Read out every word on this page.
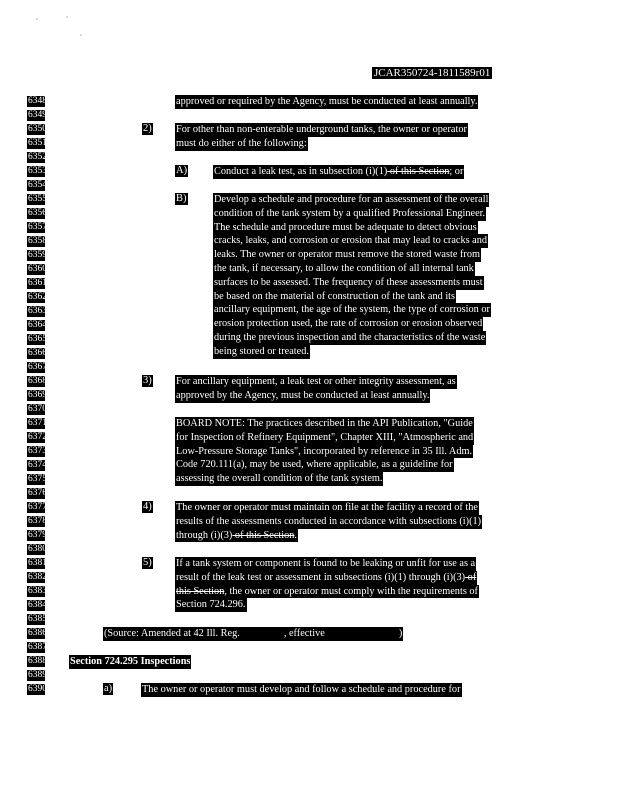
JCAR350724-1811589r01
6348
6349
6350
6351
6352
6353
6354
6355
6356
6357
6358
6359
6360
6361
6362
6363
6364
6365
6366
6367
6368
6369
6370
6371
6372
6373
6374
6375
6376
6377
6378
6379
6380
6381
6382
6383
6384
6385
6386
6387
6388
6389
6390
approved or required by the Agency, must be conducted at least annually.
2) For other than non-enterable underground tanks, the owner or operator
must do either of the following:
A)	Conduct a leak test, as in subsection (i)(1) of this Section; or
B)	Develop a schedule and procedure for an assessment of the overall
condition of the tank system by a qualified Professional Engineer.
The schedule and procedure must be adequate to detect obvious
cracks, leaks, and corrosion or erosion that may lead to cracks and
leaks. The owner or operator must remove the stored waste from
the tank, if necessary, to allow the condition of all internal tank
surfaces to be assessed. The frequency of these assessments must
be based on the material of construction of the tank and its
ancillary equipment, the age of the system, the type of corrosion or
erosion protection used, the rate of corrosion or erosion observed
during the previous inspection and the characteristics of the waste
being stored or treated.
3) For ancillary equipment, a leak test or other integrity assessment, as
approved by the Agency, must be conducted at least annually.
BOARD NOTE: The practices described in the API Publication, "Guide
for Inspection of Refinery Equipment", Chapter XIII, "Atmospheric and
Low-Pressure Storage Tanks", incorporated by reference in 35 Ill. Adm.
Code 720.111(a), may be used, where applicable, as a guideline for
assessing the overall condition of the tank system.
4) The owner or operator must maintain on file at the facility a record of the
results of the assessments conducted in accordance with subsections (i)(1)
through (i)(3) of this Section.
5) If a tank system or component is found to be leaking or unfit for use as a
result of the leak test or assessment in subsections (i)(1) through (i)(3) of
this Section, the owner or operator must comply with the requirements of
Section 724.296.
(Source: Amended at 42 Ill. Reg.	, effective	)
Section 724.295 Inspections
a)	The owner or operator must develop and follow a schedule and procedure for
